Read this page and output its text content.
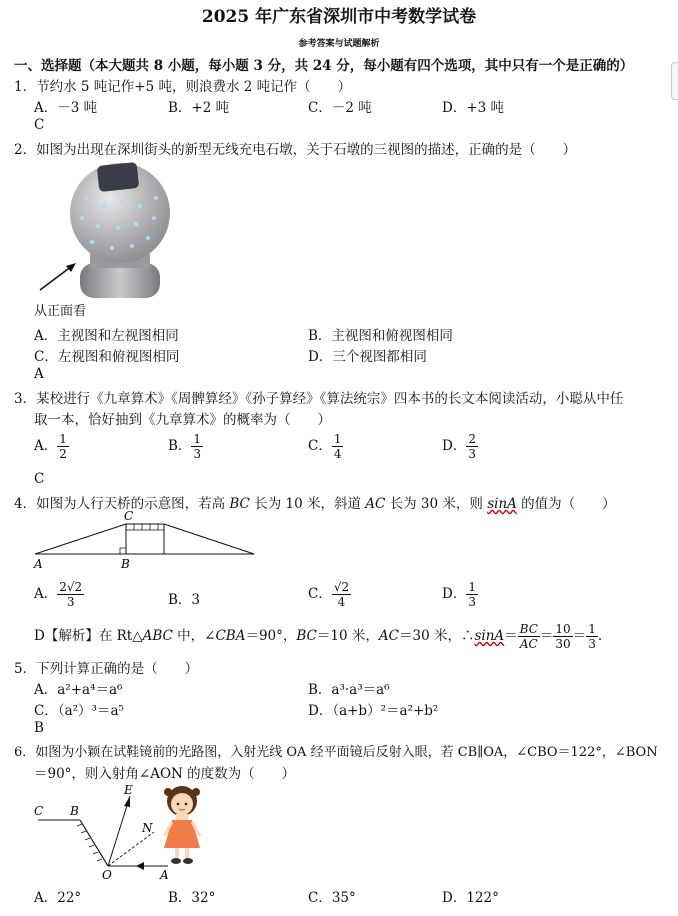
2025 年广东省深圳市中考数学试卷
参考答案与试题解析
一、选择题（本大题共 8 小题，每小题 3 分，共 24 分，每小题有四个选项，其中只有一个是正确的）
1．节约水 5 吨记作+5 吨，则浪费水 2 吨记作（　　）
A．－3 吨	B．+2 吨	C．－2 吨	D．+3 吨
C
2．如图为出现在深圳街头的新型无线充电石墩，关于石墩的三视图的描述，正确的是（　　）
从正面看
A．主视图和左视图相同	B．主视图和俯视图相同
C．左视图和俯视图相同	D．三个视图都相同
A
3．某校进行《九章算术》《周髀算经》《孙子算经》《算法统宗》四本书的长文本阅读活动，小聪从中任
取一本，恰好抽到《九章算术》的概率为（　　）
A． $\frac{1}{2}$	B． $\frac{1}{3}$	C． $\frac{1}{4}$	D． $\frac{2}{3}$
C
4．如图为人行天桥的示意图，若高 BC 长为 10 米，斜道 AC 长为 30 米，则 sinA 的值为（　　）
C
A	B
A． $\frac{2√2}{3}$	B．3	C． $\frac{√2}{4}$	D． $\frac{1}{3}$
D【解析】在 Rt△ABC 中，∠CBA＝90°，BC＝10 米，AC＝30 米，∴sinA＝ $\frac{BC}{AC} = \frac{10}{30} = \frac{1}{3}$ .
5．下列计算正确的是（　　）
A．a²+a⁴＝a⁶	B．a³·a³＝a⁶
C．（a²）³＝a⁵	D．（a+b）²＝a²+b²
B
6．如图为小颖在试鞋镜前的光路图，入射光线 OA 经平面镜后反射入眼，若 CB∥OA，∠CBO＝122°，∠BON
＝90°，则入射角∠AON 的度数为（　　）
C B
E
N
O	A
A．22°	B．32°	C．35°	D．122°
